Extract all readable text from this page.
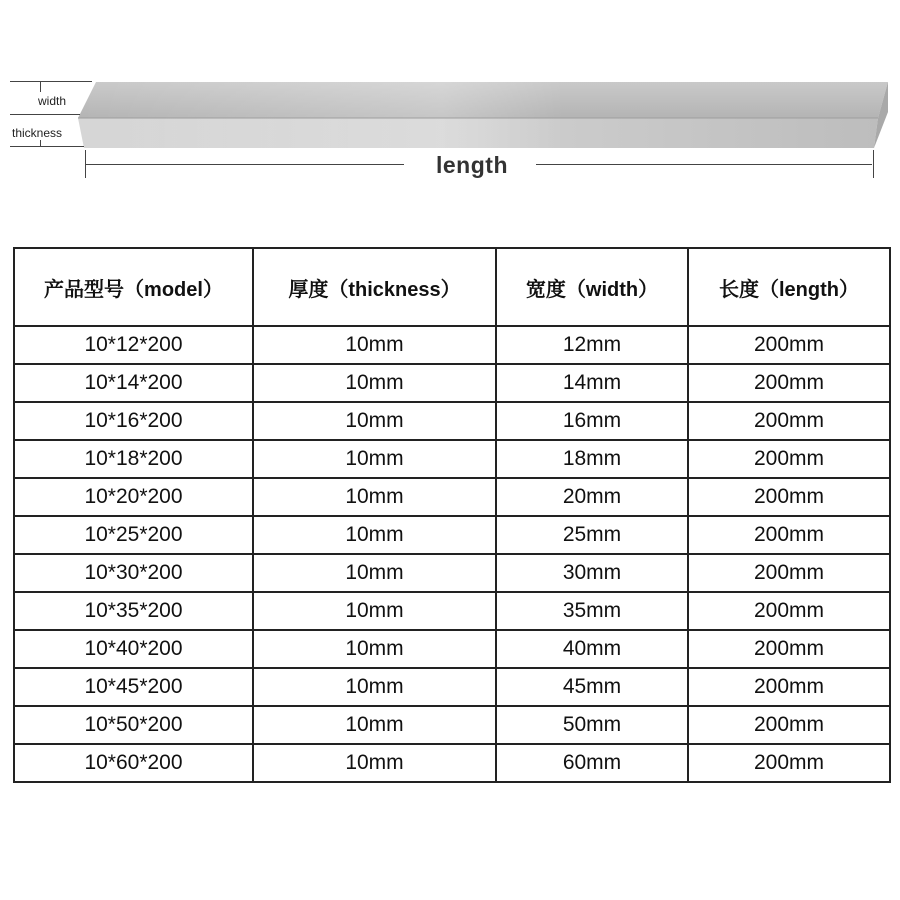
width
thickness
length
产品型号（model）	厚度（thickness）	宽度（width）	长度（length）
10*12*200	10mm	12mm	200mm
10*14*200	10mm	14mm	200mm
10*16*200	10mm	16mm	200mm
10*18*200	10mm	18mm	200mm
10*20*200	10mm	20mm	200mm
10*25*200	10mm	25mm	200mm
10*30*200	10mm	30mm	200mm
10*35*200	10mm	35mm	200mm
10*40*200	10mm	40mm	200mm
10*45*200	10mm	45mm	200mm
10*50*200	10mm	50mm	200mm
10*60*200	10mm	60mm	200mm
